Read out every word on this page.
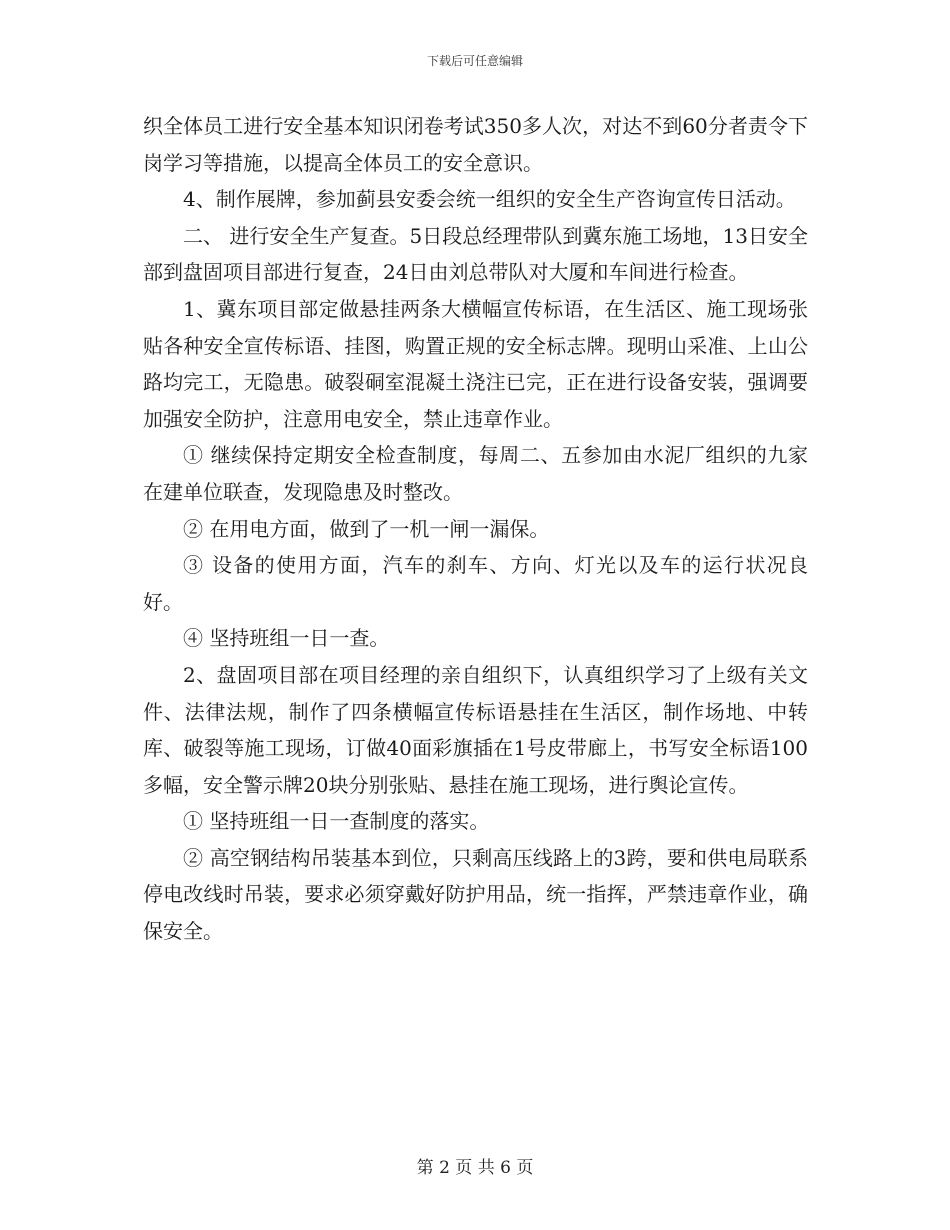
下载后可任意编辑

织全体员工进行安全基本知识闭卷考试350多人次，对达不到60分者责令下岗学习等措施，以提高全体员工的安全意识。

4、制作展牌，参加蓟县安委会统一组织的安全生产咨询宣传日活动。

二、 进行安全生产复查。5日段总经理带队到冀东施工场地，13日安全部到盘固项目部进行复查，24日由刘总带队对大厦和车间进行检查。

1、冀东项目部定做悬挂两条大横幅宣传标语，在生活区、施工现场张贴各种安全宣传标语、挂图，购置正规的安全标志牌。现明山采准、上山公路均完工，无隐患。破裂硐室混凝土浇注已完，正在进行设备安装，强调要加强安全防护，注意用电安全，禁止违章作业。

① 继续保持定期安全检查制度，每周二、五参加由水泥厂组织的九家在建单位联查，发现隐患及时整改。

② 在用电方面，做到了一机一闸一漏保。

③ 设备的使用方面，汽车的刹车、方向、灯光以及车的运行状况良好。

④ 坚持班组一日一查。

2、盘固项目部在项目经理的亲自组织下，认真组织学习了上级有关文件、法律法规，制作了四条横幅宣传标语悬挂在生活区，制作场地、中转库、破裂等施工现场，订做40面彩旗插在1号皮带廊上，书写安全标语100多幅，安全警示牌20块分别张贴、悬挂在施工现场，进行舆论宣传。

① 坚持班组一日一查制度的落实。

② 高空钢结构吊装基本到位，只剩高压线路上的3跨，要和供电局联系停电改线时吊装，要求必须穿戴好防护用品，统一指挥，严禁违章作业，确保安全。

第 2 页 共 6 页
